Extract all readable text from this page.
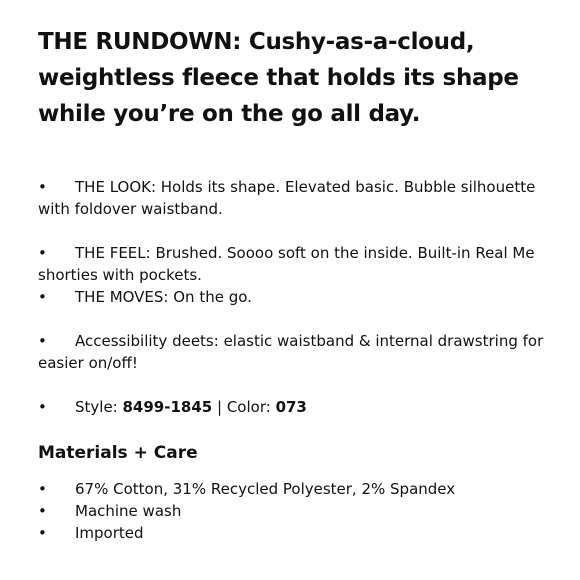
THE RUNDOWN: Cushy-as-a-cloud, weightless fleece that holds its shape while you’re on the go all day.
• THE LOOK: Holds its shape. Elevated basic. Bubble silhouette with foldover waistband.
• THE FEEL: Brushed. Soooo soft on the inside. Built-in Real Me shorties with pockets.
• THE MOVES: On the go.
• Accessibility deets: elastic waistband & internal drawstring for easier on/off!
• Style: 8499-1845 | Color: 073
Materials + Care
• 67% Cotton, 31% Recycled Polyester, 2% Spandex
• Machine wash
• Imported
